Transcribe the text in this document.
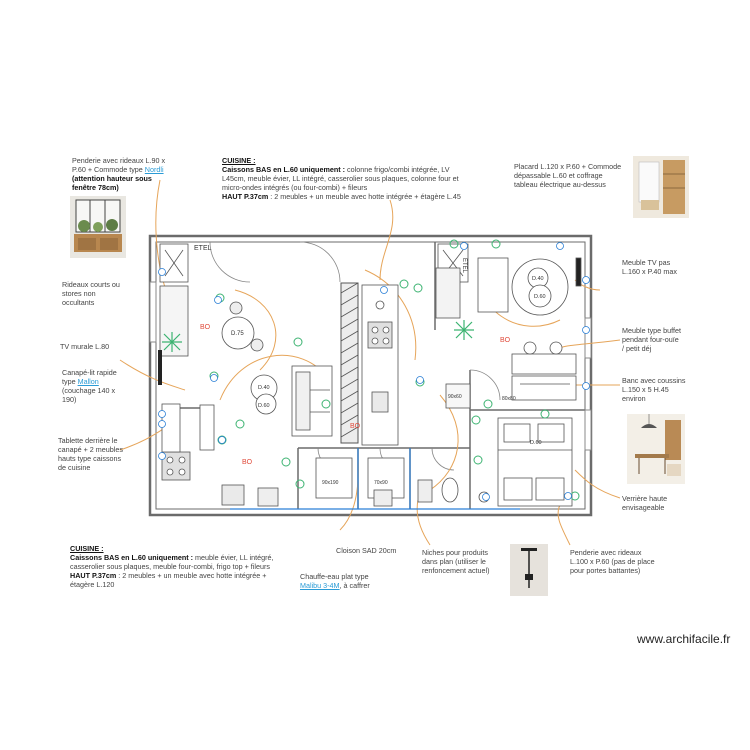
ETEL
ETEL
BO
BO
BO
BO
D.75
D.40
D.60
D.40
D.60
D.60
90x190	70x90
90x60	80x80
Penderie avec rideaux L.90 x
P.60 + Commode type Nordli
(attention hauteur sous
fenêtre 78cm)
CUISINE :
Caissons BAS en L.60 uniquement : colonne frigo/combi intégrée, LV
L45cm, meuble évier, LL intégré, casserolier sous plaques, colonne four et
micro-ondes intégrés (ou four-combi) + fileurs
HAUT P.37cm : 2 meubles + un meuble avec hotte intégrée + étagère L.45
Placard L.120 x P.60 + Commode
dépassable L.60 et coffrage
tableau électrique au-dessus
Rideaux courts ou
stores non
occultants
TV murale L.80
Canapé-lit rapide
type Mallon
(couchage 140 x
190)
Tablette derrière le
canapé + 2 meubles
hauts type caissons
de cuisine
Meuble TV pas
L.160 x P.40 max
Meuble type buffet
pendant four-ouïe
/ petit déj
Banc avec coussins
L.150 x 5 H.45
environ
Verrière haute
envisageable
CUISINE :
Caissons BAS en L.60 uniquement : meuble évier, LL intégré,
casserolier sous plaques, meuble four-combi, frigo top + fileurs
HAUT P.37cm : 2 meubles + un meuble avec hotte intégrée +
étagère L.120
Cloison SAD 20cm
Chauffe-eau plat type
Malibu 3-4M, à caffrer
Niches pour produits
dans plan (utiliser le
renfoncement actuel)
Penderie avec rideaux
L.100 x P.60 (pas de place
pour portes battantes)
www.archifacile.fr
